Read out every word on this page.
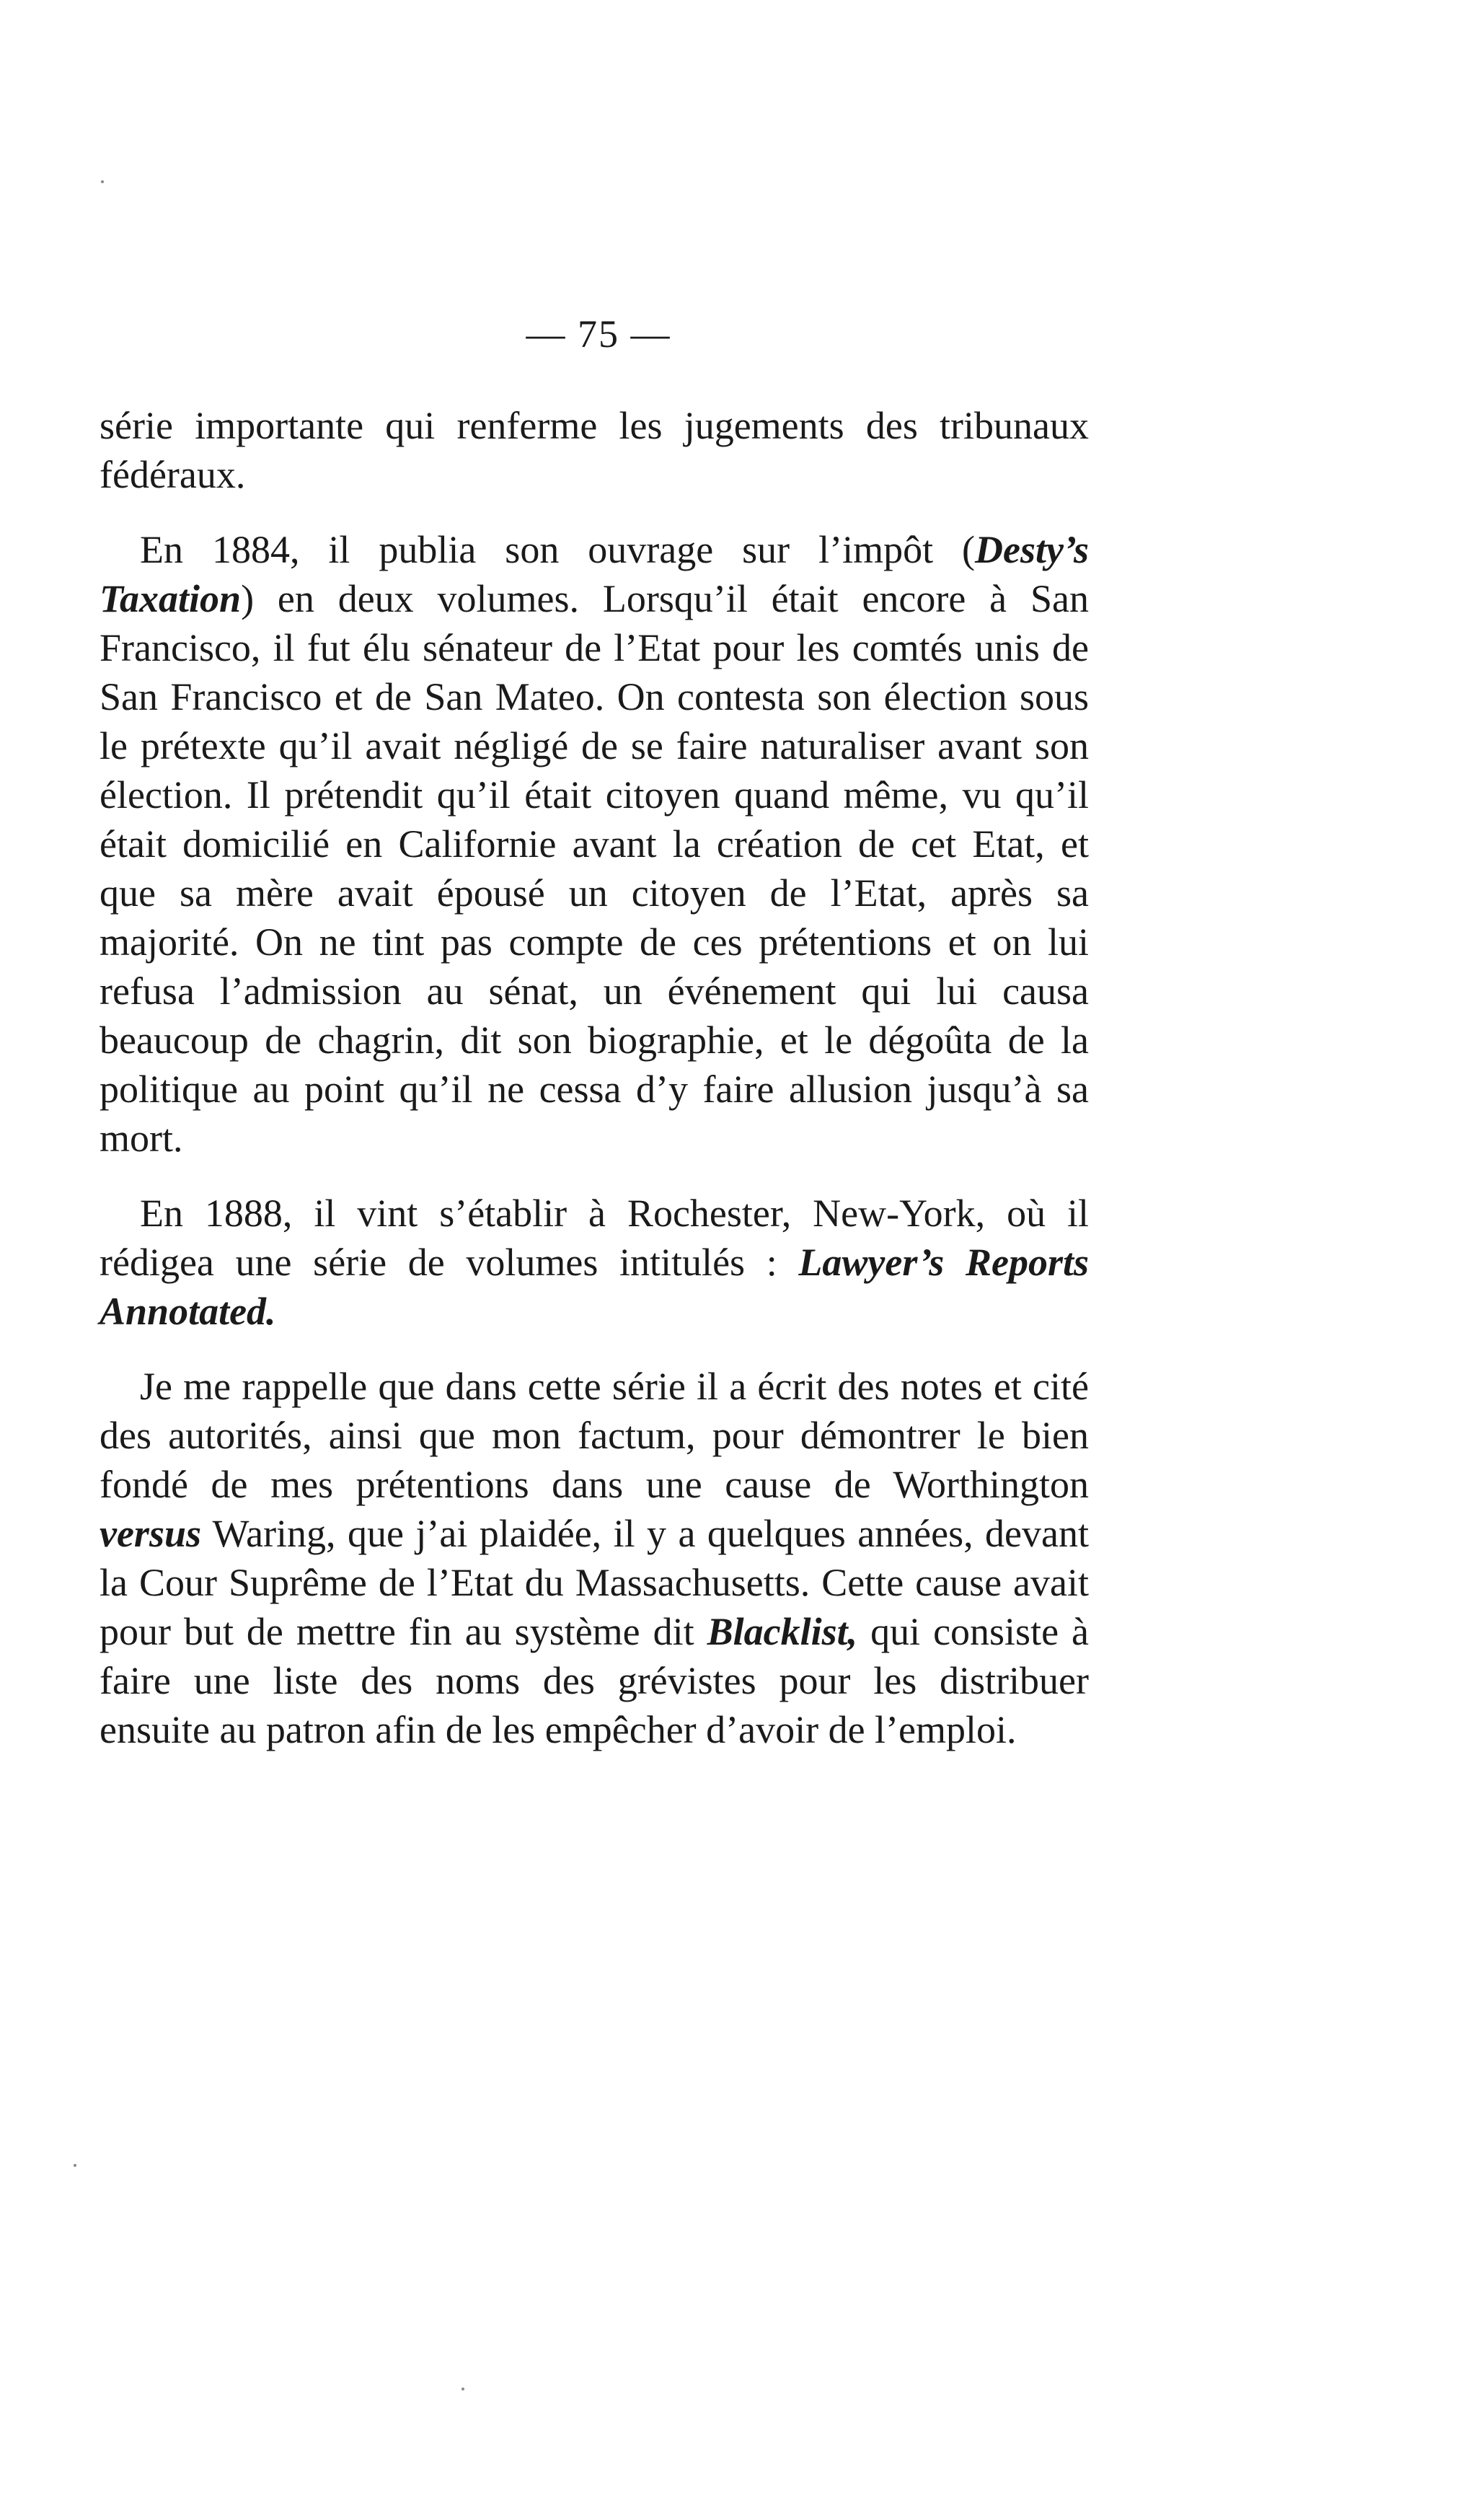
— 75 —

série importante qui renferme les jugements des tribunaux fédéraux.

En 1884, il publia son ouvrage sur l’impôt (Desty’s Taxation) en deux volumes. Lorsqu’il était encore à San Francisco, il fut élu sénateur de l’Etat pour les comtés unis de San Francisco et de San Mateo. On contesta son élection sous le prétexte qu’il avait négligé de se faire naturaliser avant son élection. Il prétendit qu’il était citoyen quand même, vu qu’il était domicilié en Californie avant la création de cet Etat, et que sa mère avait épousé un citoyen de l’Etat, après sa majorité. On ne tint pas compte de ces prétentions et on lui refusa l’admission au sénat, un événement qui lui causa beaucoup de chagrin, dit son biographie, et le dégoûta de la politique au point qu’il ne cessa d’y faire allusion jusqu’à sa mort.

En 1888, il vint s’établir à Rochester, New-York, où il rédigea une série de volumes intitulés : Lawyer’s Reports Annotated.

Je me rappelle que dans cette série il a écrit des notes et cité des autorités, ainsi que mon factum, pour démontrer le bien fondé de mes prétentions dans une cause de Worthington versus Waring, que j’ai plaidée, il y a quelques années, devant la Cour Suprême de l’Etat du Massachusetts. Cette cause avait pour but de mettre fin au système dit Blacklist, qui consiste à faire une liste des noms des grévistes pour les distribuer ensuite au patron afin de les empêcher d’avoir de l’emploi.
